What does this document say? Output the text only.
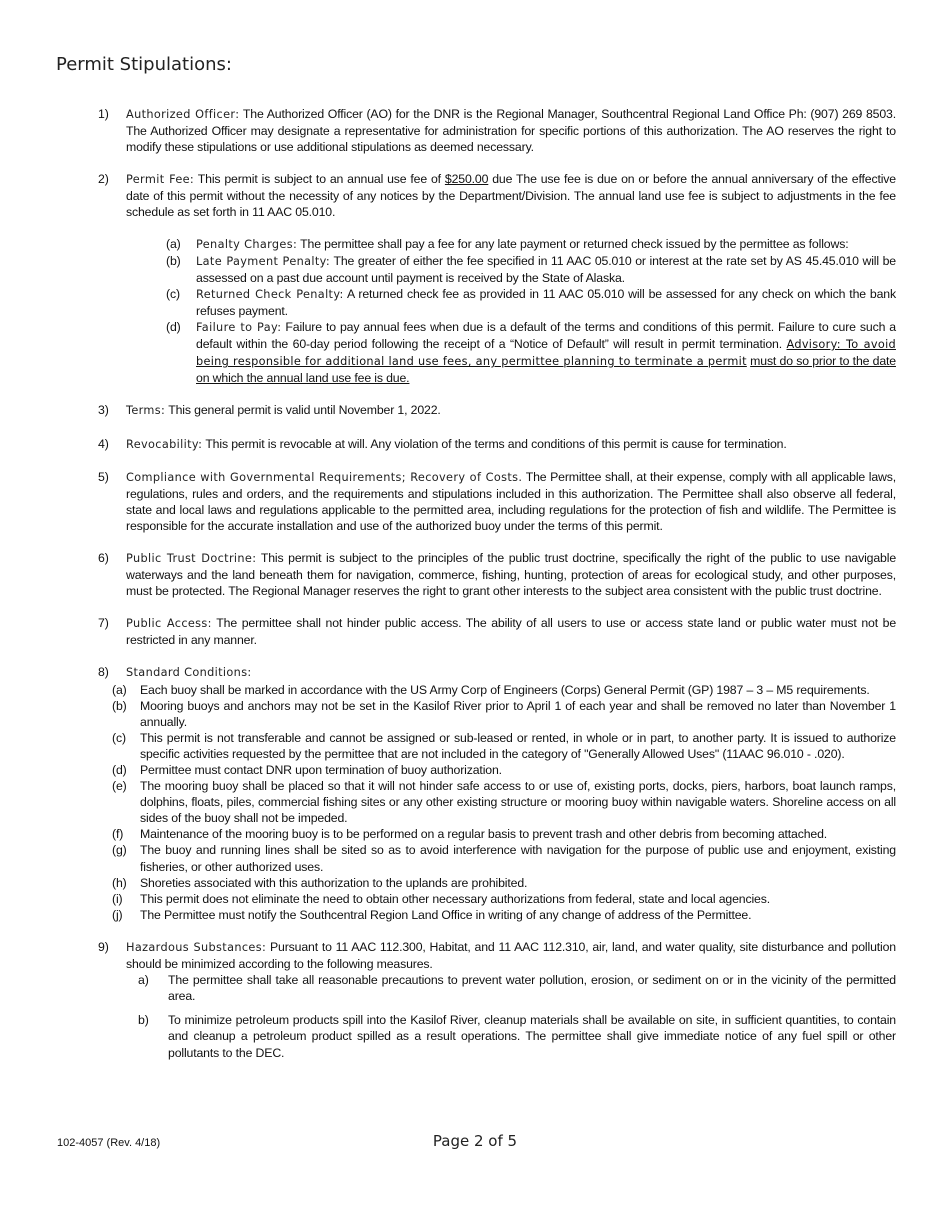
Permit Stipulations:
1) Authorized Officer: The Authorized Officer (AO) for the DNR is the Regional Manager, Southcentral Regional Land Office Ph: (907) 269 8503. The Authorized Officer may designate a representative for administration for specific portions of this authorization. The AO reserves the right to modify these stipulations or use additional stipulations as deemed necessary.
2) Permit Fee: This permit is subject to an annual use fee of $250.00 due The use fee is due on or before the annual anniversary of the effective date of this permit without the necessity of any notices by the Department/Division. The annual land use fee is subject to adjustments in the fee schedule as set forth in 11 AAC 05.010.
(a) Penalty Charges: The permittee shall pay a fee for any late payment or returned check issued by the permittee as follows:
(b) Late Payment Penalty: The greater of either the fee specified in 11 AAC 05.010 or interest at the rate set by AS 45.45.010 will be assessed on a past due account until payment is received by the State of Alaska.
(c) Returned Check Penalty: A returned check fee as provided in 11 AAC 05.010 will be assessed for any check on which the bank refuses payment.
(d) Failure to Pay: Failure to pay annual fees when due is a default of the terms and conditions of this permit. Failure to cure such a default within the 60-day period following the receipt of a “Notice of Default” will result in permit termination. Advisory: To avoid being responsible for additional land use fees, any permittee planning to terminate a permit must do so prior to the date on which the annual land use fee is due.
3) Terms: This general permit is valid until November 1, 2022.
4) Revocability: This permit is revocable at will. Any violation of the terms and conditions of this permit is cause for termination.
5) Compliance with Governmental Requirements; Recovery of Costs. The Permittee shall, at their expense, comply with all applicable laws, regulations, rules and orders, and the requirements and stipulations included in this authorization. The Permittee shall also observe all federal, state and local laws and regulations applicable to the permitted area, including regulations for the protection of fish and wildlife. The Permittee is responsible for the accurate installation and use of the authorized buoy under the terms of this permit.
6) Public Trust Doctrine: This permit is subject to the principles of the public trust doctrine, specifically the right of the public to use navigable waterways and the land beneath them for navigation, commerce, fishing, hunting, protection of areas for ecological study, and other purposes, must be protected. The Regional Manager reserves the right to grant other interests to the subject area consistent with the public trust doctrine.
7) Public Access: The permittee shall not hinder public access. The ability of all users to use or access state land or public water must not be restricted in any manner.
8) Standard Conditions:
(a) Each buoy shall be marked in accordance with the US Army Corp of Engineers (Corps) General Permit (GP) 1987 – 3 – M5 requirements.
(b) Mooring buoys and anchors may not be set in the Kasilof River prior to April 1 of each year and shall be removed no later than November 1 annually.
(c) This permit is not transferable and cannot be assigned or sub-leased or rented, in whole or in part, to another party. It is issued to authorize specific activities requested by the permittee that are not included in the category of "Generally Allowed Uses" (11AAC 96.010 - .020).
(d) Permittee must contact DNR upon termination of buoy authorization.
(e) The mooring buoy shall be placed so that it will not hinder safe access to or use of, existing ports, docks, piers, harbors, boat launch ramps, dolphins, floats, piles, commercial fishing sites or any other existing structure or mooring buoy within navigable waters. Shoreline access on all sides of the buoy shall not be impeded.
(f) Maintenance of the mooring buoy is to be performed on a regular basis to prevent trash and other debris from becoming attached.
(g) The buoy and running lines shall be sited so as to avoid interference with navigation for the purpose of public use and enjoyment, existing fisheries, or other authorized uses.
(h) Shoreties associated with this authorization to the uplands are prohibited.
(i) This permit does not eliminate the need to obtain other necessary authorizations from federal, state and local agencies.
(j) The Permittee must notify the Southcentral Region Land Office in writing of any change of address of the Permittee.
9) Hazardous Substances: Pursuant to 11 AAC 112.300, Habitat, and 11 AAC 112.310, air, land, and water quality, site disturbance and pollution should be minimized according to the following measures.
a) The permittee shall take all reasonable precautions to prevent water pollution, erosion, or sediment on or in the vicinity of the permitted area.
b) To minimize petroleum products spill into the Kasilof River, cleanup materials shall be available on site, in sufficient quantities, to contain and cleanup a petroleum product spilled as a result operations. The permittee shall give immediate notice of any fuel spill or other pollutants to the DEC.
102-4057 (Rev. 4/18)	Page 2 of 5
